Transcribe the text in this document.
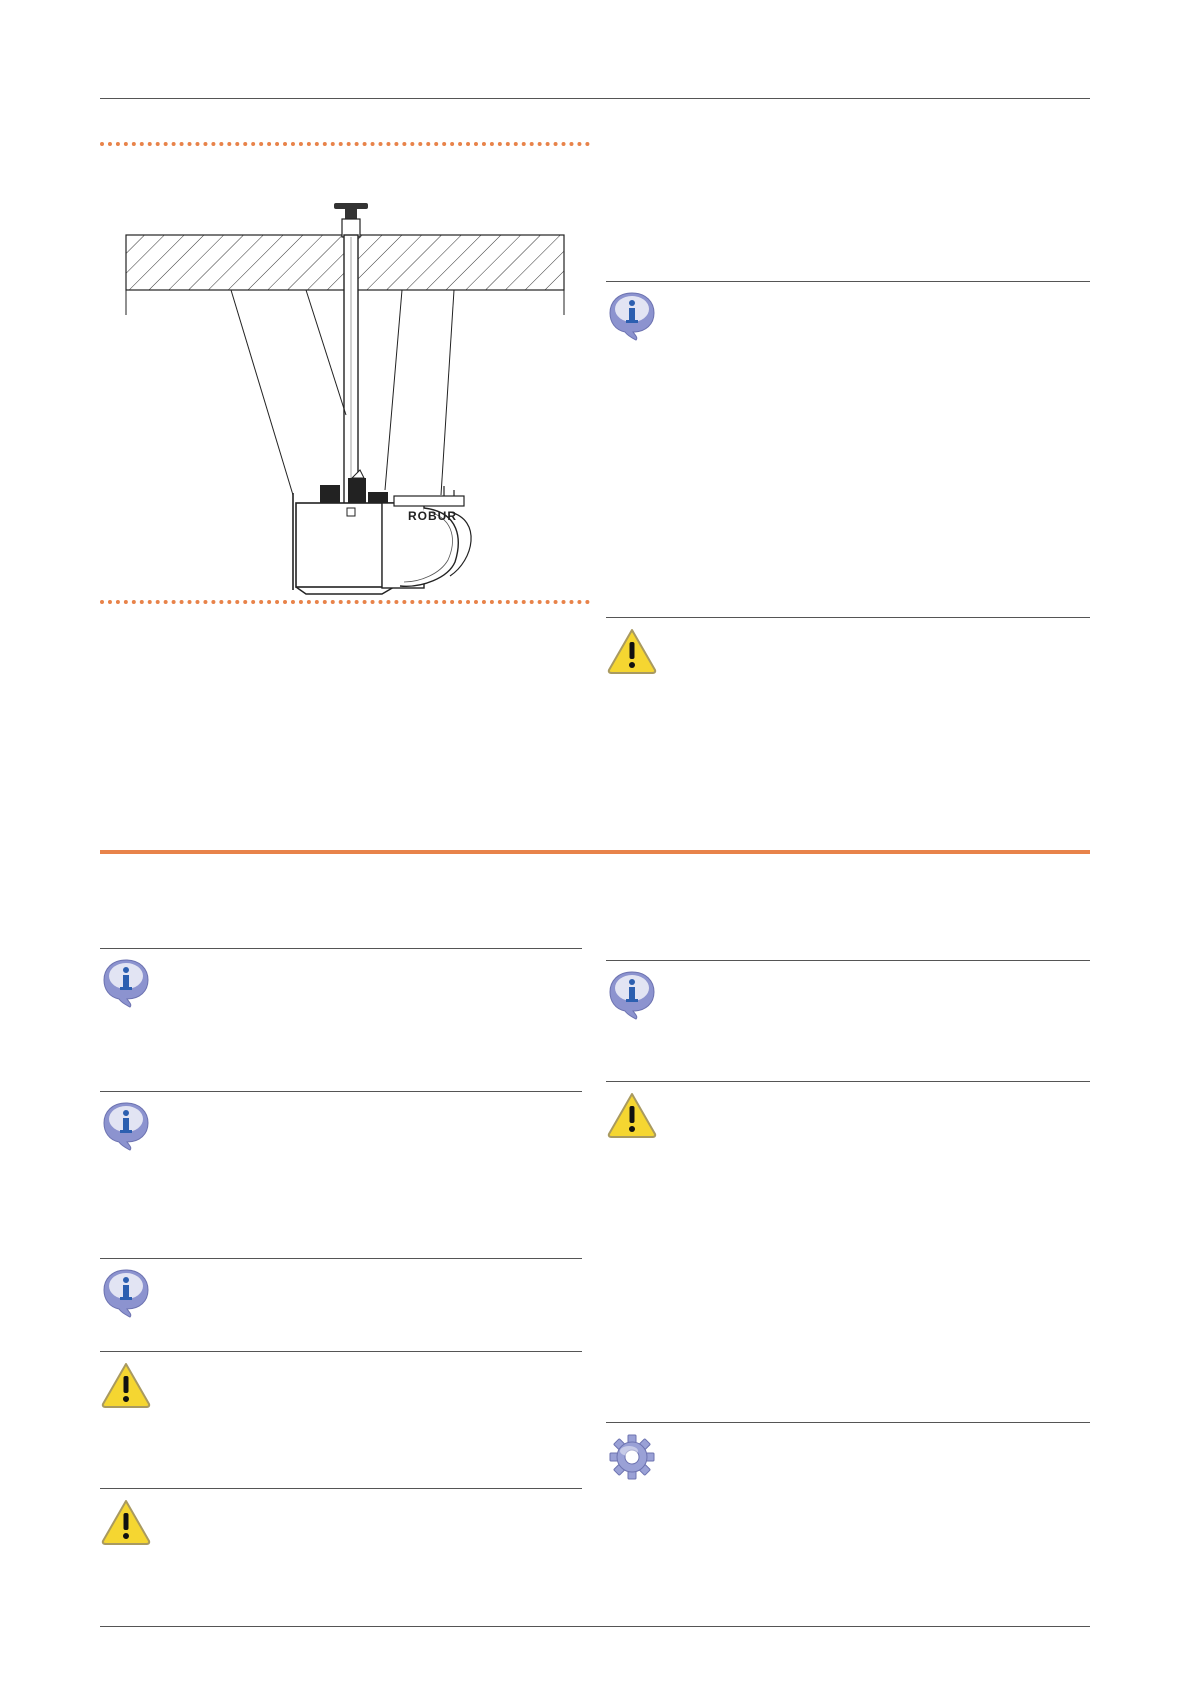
ROBUR
